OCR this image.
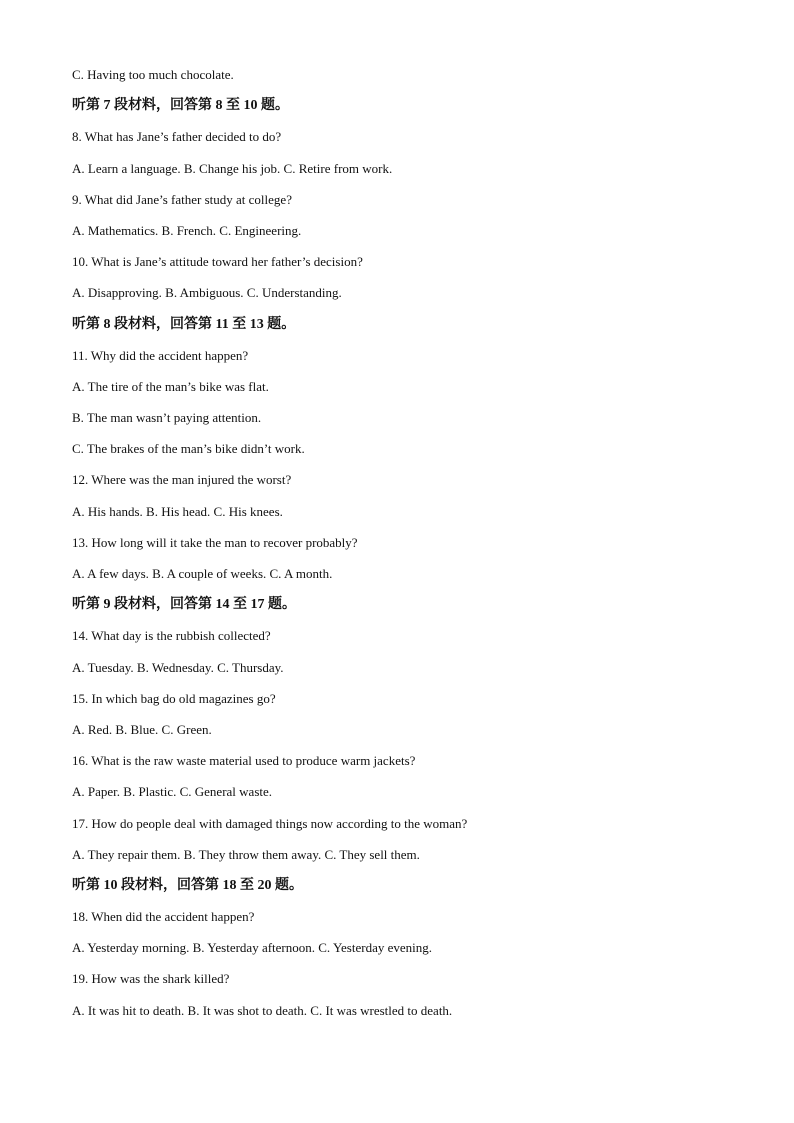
C. Having too much chocolate.
听第 7 段材料，回答第 8 至 10 题。
8. What has Jane’s father decided to do?
A. Learn a language. B. Change his job. C. Retire from work.
9. What did Jane’s father study at college?
A. Mathematics. B. French. C. Engineering.
10. What is Jane’s attitude toward her father’s decision?
A. Disapproving. B. Ambiguous. C. Understanding.
听第 8 段材料，回答第 11 至 13 题。
11. Why did the accident happen?
A. The tire of the man’s bike was flat.
B. The man wasn’t paying attention.
C. The brakes of the man’s bike didn’t work.
12. Where was the man injured the worst?
A. His hands. B. His head. C. His knees.
13. How long will it take the man to recover probably?
A. A few days. B. A couple of weeks. C. A month.
听第 9 段材料，回答第 14 至 17 题。
14. What day is the rubbish collected?
A. Tuesday. B. Wednesday. C. Thursday.
15. In which bag do old magazines go?
A. Red. B. Blue. C. Green.
16. What is the raw waste material used to produce warm jackets?
A. Paper. B. Plastic. C. General waste.
17. How do people deal with damaged things now according to the woman?
A. They repair them. B. They throw them away. C. They sell them.
听第 10 段材料，回答第 18 至 20 题。
18. When did the accident happen?
A. Yesterday morning. B. Yesterday afternoon. C. Yesterday evening.
19. How was the shark killed?
A. It was hit to death. B. It was shot to death. C. It was wrestled to death.
